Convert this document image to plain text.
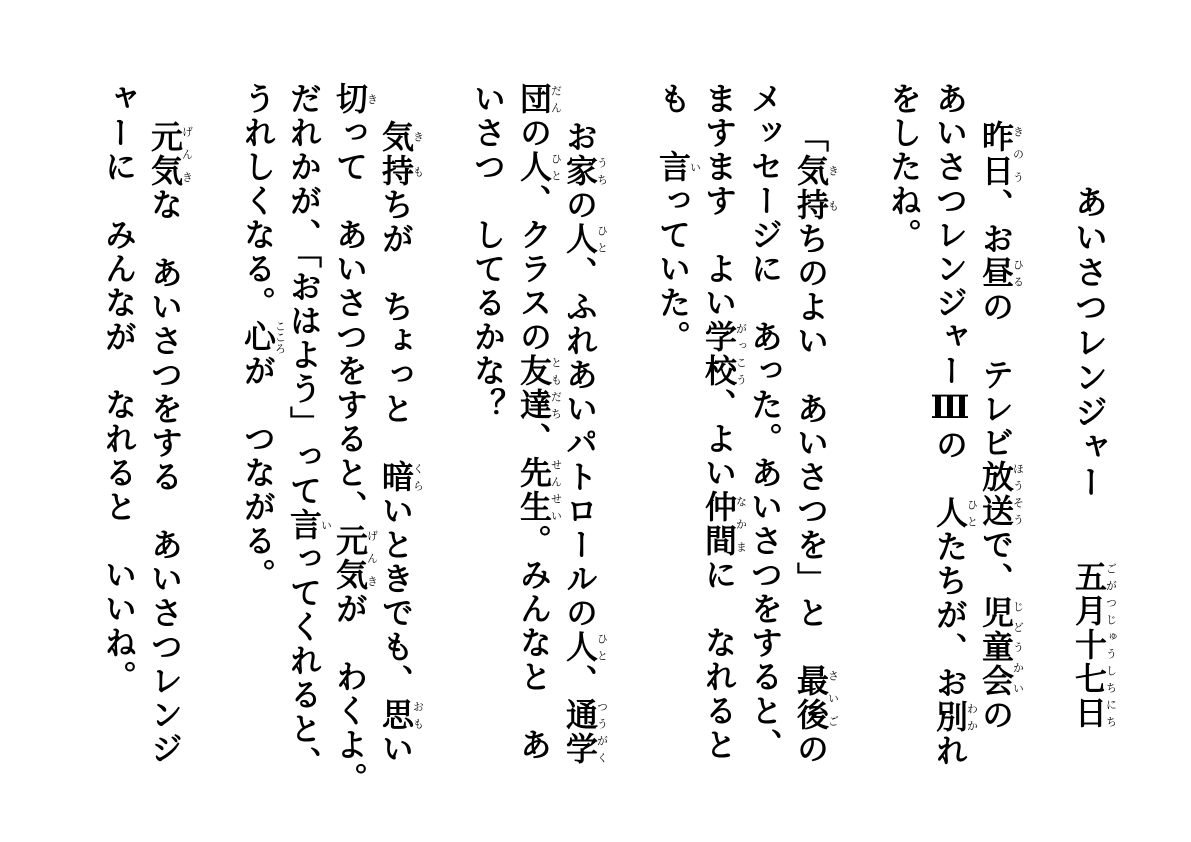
あいさつレンジャー
五月十七日ごがつじゅうしちにち
昨日きのう、お昼ひるの　テレビ放送ほうそうで、児童会じどうかいの
あいさつレンジャーⅢの　人ひとたちが、お別わかれ
をしたね。
「気持きもちのよい　あいさつを」と　最後さいごの
メッセージに　あった。あいさつをすると、
ますます　よい学校がっこう、よい仲間なかまに　なれると
も　言いっていた。
お家うちの人ひと、ふれあいパトロールの人ひと、通学つうがく
団だんの人ひと、クラスの友達ともだち、先生せんせい。みんなと　あ
いさつ　してるかな？
気持きもちが　ちょっと　暗くらいときでも、思おもい
切きって　あいさつをすると、元気げんきが　わくよ。
だれかが、「おはよう」って言いってくれると、
うれしくなる。心こころが　つながる。
元気げんきな　あいさつをする　あいさつレンジ
ャーに　みんなが　なれると　いいね。
